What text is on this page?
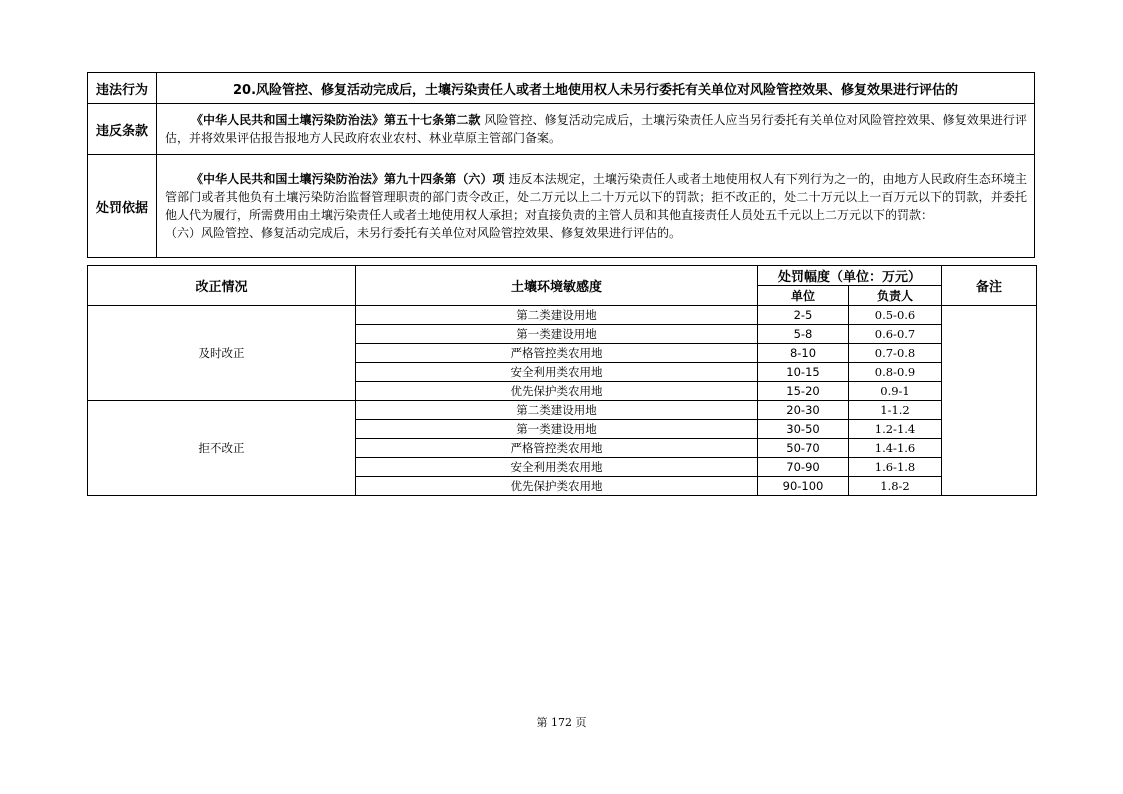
违法行为	20.风险管控、修复活动完成后，土壤污染责任人或者土地使用权人未另行委托有关单位对风险管控效果、修复效果进行评估的
违反条款	《中华人民共和国土壤污染防治法》第五十七条第二款 风险管控、修复活动完成后，土壤污染责任人应当另行委托有关单位对风险管控效果、修复效果进行评估，并将效果评估报告报地方人民政府农业农村、林业草原主管部门备案。

处罚依据	《中华人民共和国土壤污染防治法》第九十四条第（六）项 违反本法规定，土壤污染责任人或者土地使用权人有下列行为之一的，由地方人民政府生态环境主管部门或者其他负有土壤污染防治监督管理职责的部门责令改正，处二万元以上二十万元以下的罚款；拒不改正的，处二十万元以上一百万元以下的罚款，并委托他人代为履行，所需费用由土壤污染责任人或者土地使用权人承担；对直接负责的主管人员和其他直接责任人员处五千元以上二万元以下的罚款：
（六）风险管控、修复活动完成后，未另行委托有关单位对风险管控效果、修复效果进行评估的。
改正情况	土壤环境敏感度	处罚幅度（单位：万元）		备注
		单位	负责人	
及时改正	第二类建设用地	2-5	0.5-0.6	
	第一类建设用地	5-8	0.6-0.7	
	严格管控类农用地	8-10	0.7-0.8	
	安全利用类农用地	10-15	0.8-0.9	
	优先保护类农用地	15-20	0.9-1	
拒不改正	第二类建设用地	20-30	1-1.2	
	第一类建设用地	30-50	1.2-1.4	
	严格管控类农用地	50-70	1.4-1.6	
	安全利用类农用地	70-90	1.6-1.8	
	优先保护类农用地	90-100	1.8-2	
第 172 页
